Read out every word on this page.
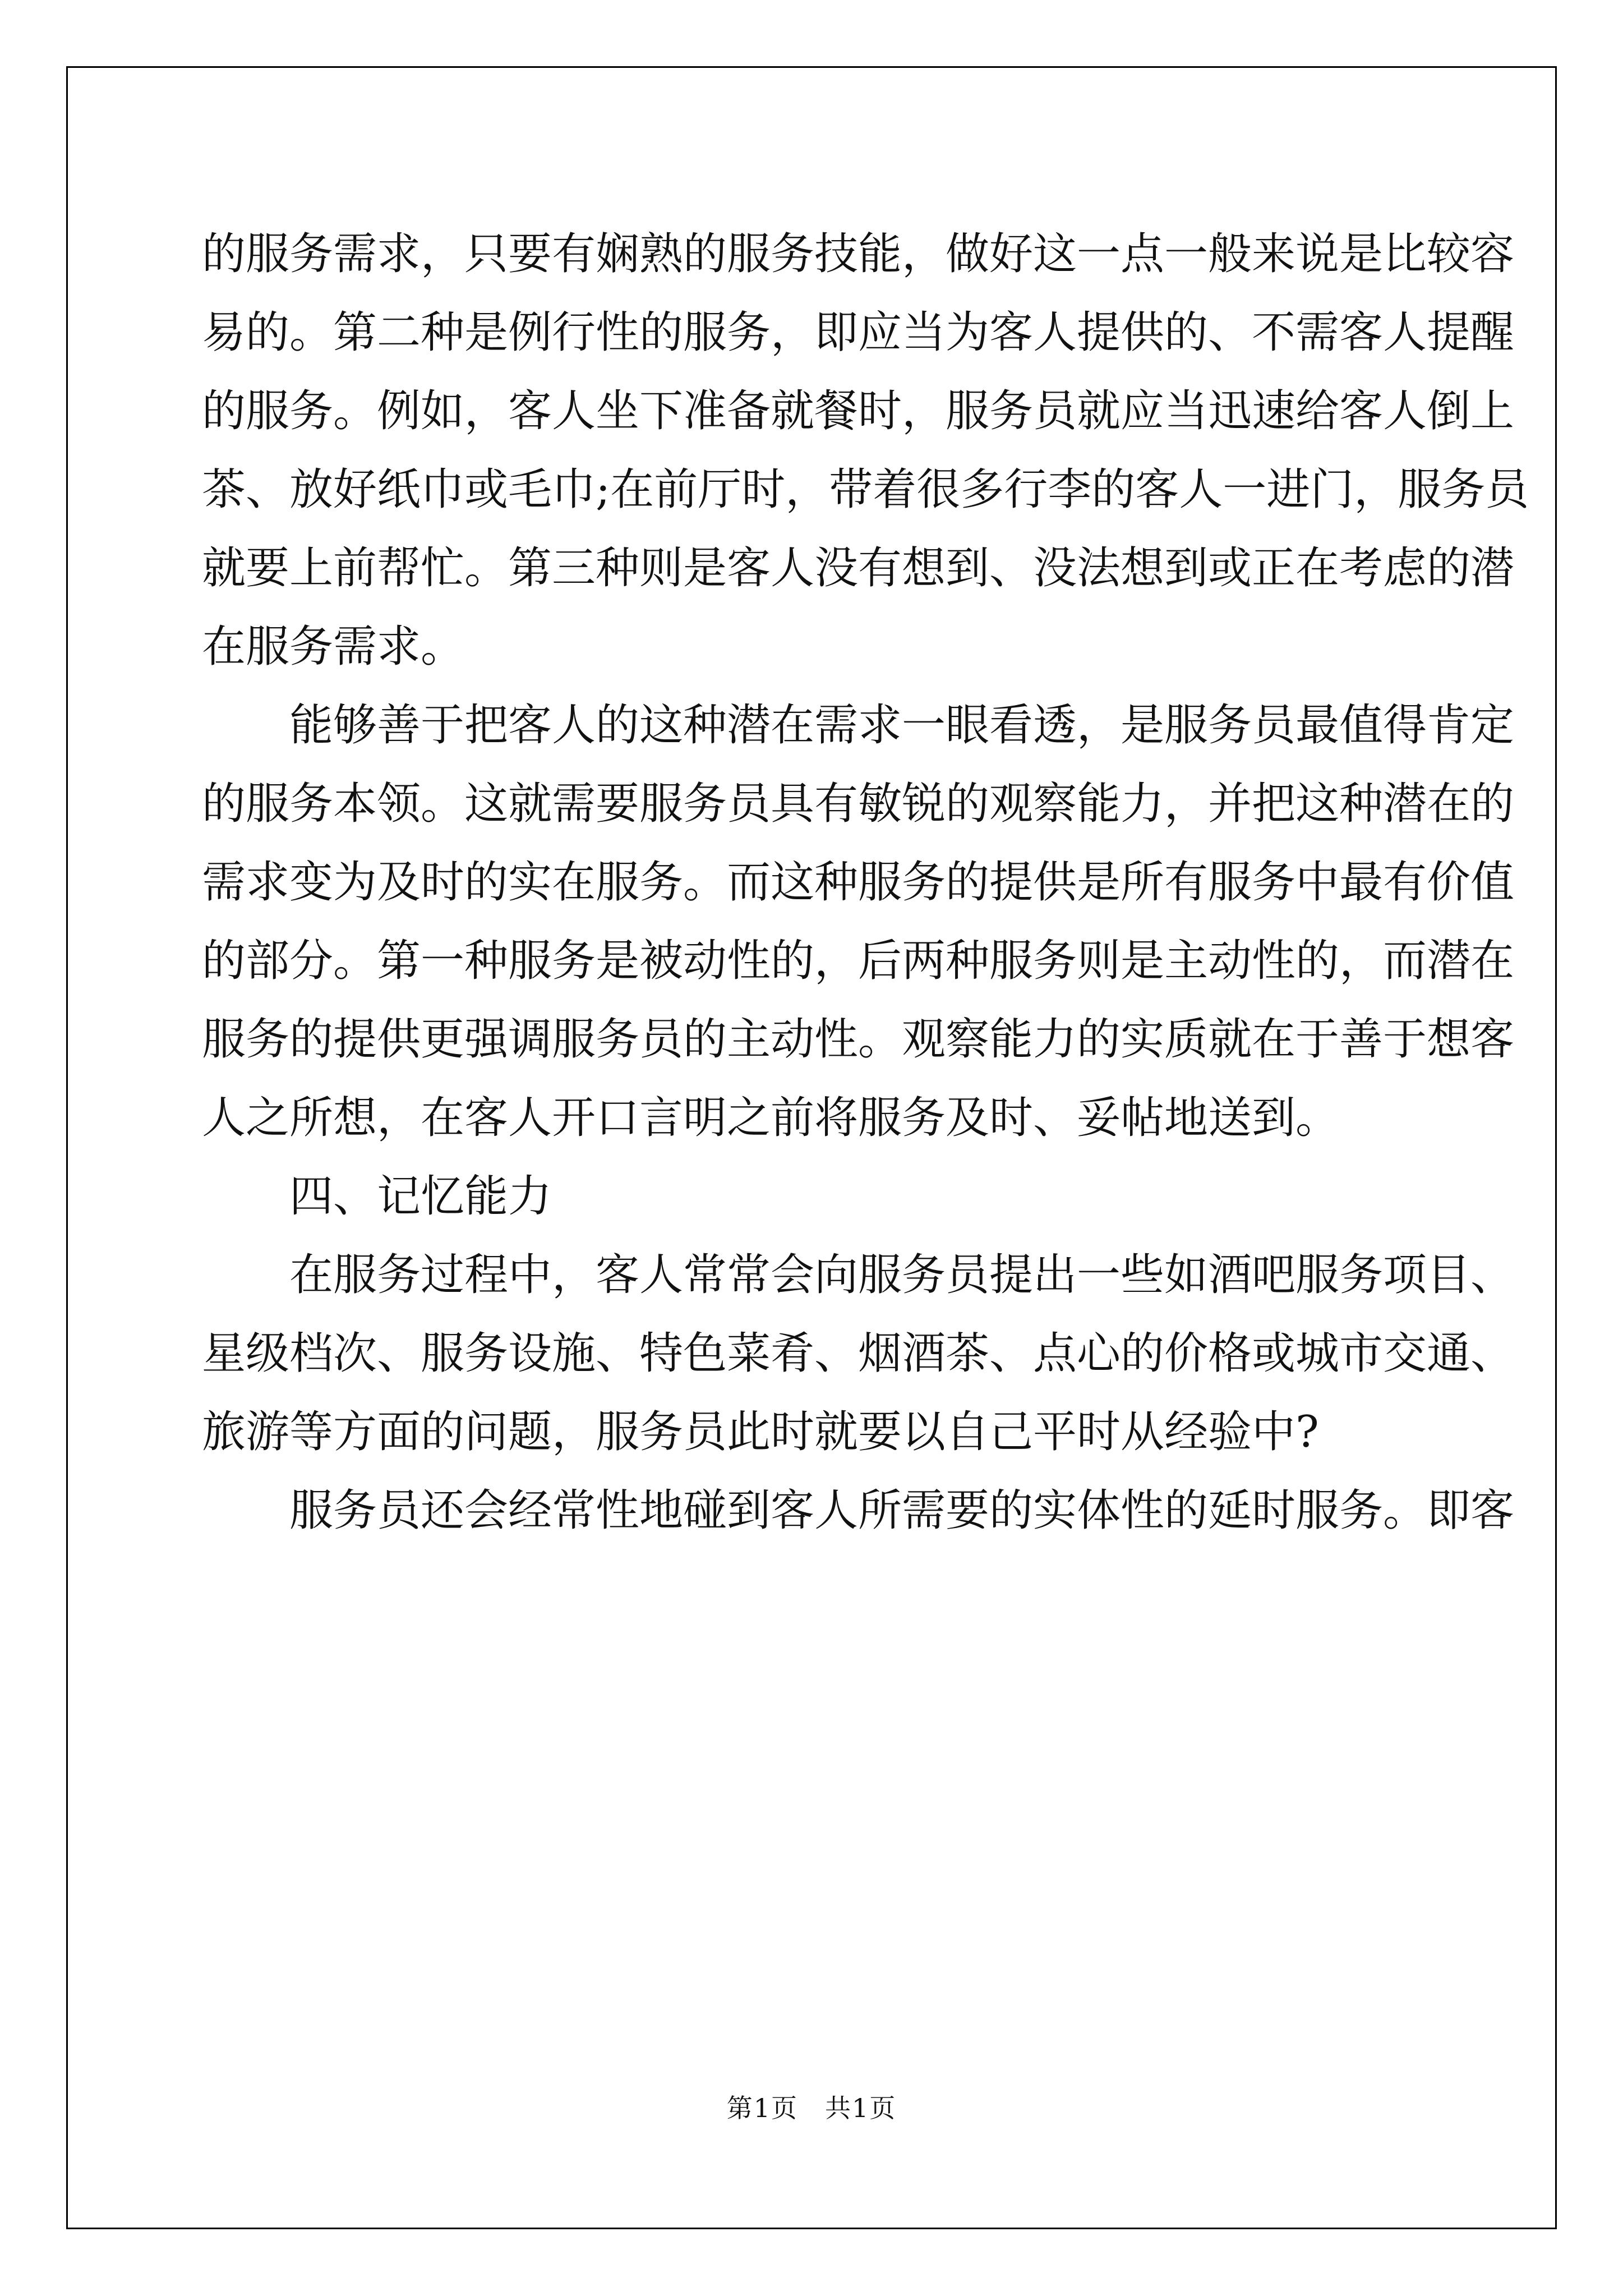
的服务需求，只要有娴熟的服务技能，做好这一点一般来说是比较容
易的。第二种是例行性的服务，即应当为客人提供的、不需客人提醒
的服务。例如，客人坐下准备就餐时，服务员就应当迅速给客人倒上
茶、放好纸巾或毛巾;在前厅时，带着很多行李的客人一进门，服务员
就要上前帮忙。第三种则是客人没有想到、没法想到或正在考虑的潜
在服务需求。
能够善于把客人的这种潜在需求一眼看透，是服务员最值得肯定
的服务本领。这就需要服务员具有敏锐的观察能力，并把这种潜在的
需求变为及时的实在服务。而这种服务的提供是所有服务中最有价值
的部分。第一种服务是被动性的，后两种服务则是主动性的，而潜在
服务的提供更强调服务员的主动性。观察能力的实质就在于善于想客
人之所想，在客人开口言明之前将服务及时、妥帖地送到。
四、记忆能力
在服务过程中，客人常常会向服务员提出一些如酒吧服务项目、
星级档次、服务设施、特色菜肴、烟酒茶、点心的价格或城市交通、
旅游等方面的问题，服务员此时就要以自己平时从经验中?
服务员还会经常性地碰到客人所需要的实体性的延时服务。即客
第1页　共1页
